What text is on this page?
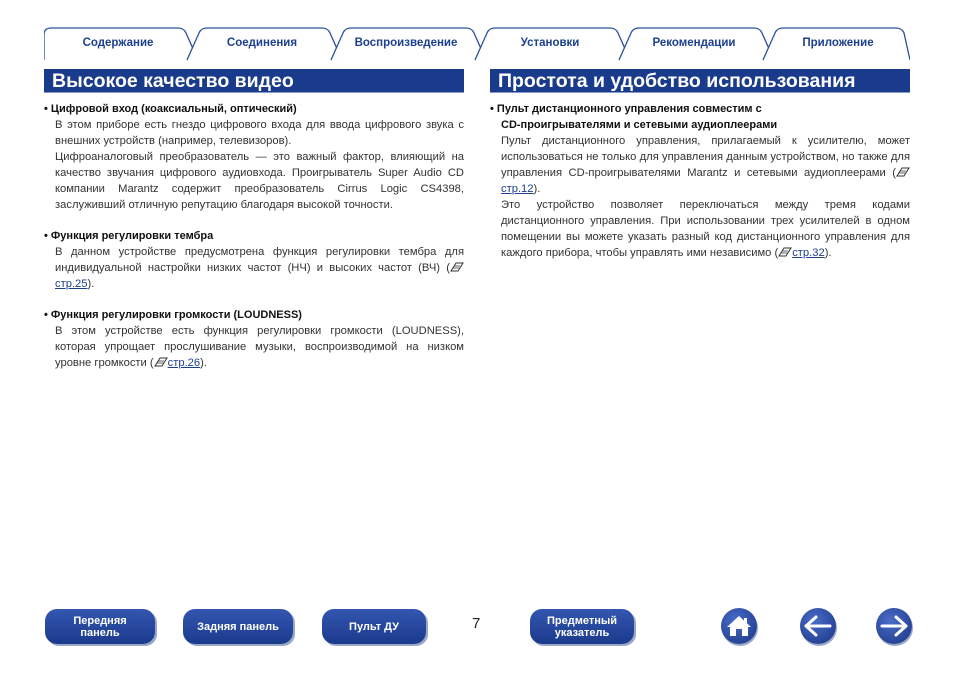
Содержание	Соединения	Воспроизведение	Установки	Рекомендации	Приложение
Высокое качество видео	Простота и удобство использования
• Цифровой вход (коаксиальный, оптический)
В этом приборе есть гнездо цифрового входа для ввода цифрового звука с внешних устройств (например, телевизоров).
Цифроаналоговый преобразователь — это важный фактор, влияющий на качество звучания цифрового аудиовхода. Проигрыватель Super Audio CD компании Marantz содержит преобразователь Cirrus Logic CS4398, заслуживший отличную репутацию благодаря высокой точности.
• Функция регулировки тембра
В данном устройстве предусмотрена функция регулировки тембра для индивидуальной настройки низких частот (НЧ) и высоких частот (ВЧ) (стр.25).
• Функция регулировки громкости (LOUDNESS)
В этом устройстве есть функция регулировки громкости (LOUDNESS), которая упрощает прослушивание музыки, воспроизводимой на низком уровне громкости ( стр.26).
• Пульт дистанционного управления совместим с
CD-проигрывателями и сетевыми аудиоплеерами
Пульт дистанционного управления, прилагаемый к усилителю, может использоваться не только для управления данным устройством, но также для управления CD-проигрывателями Marantz и сетевыми аудиоплеерами (стр.12).
Это устройство позволяет переключаться между тремя кодами дистанционного управления. При использовании трех усилителей в одном помещении вы можете указать разный код дистанционного управления для каждого прибора, чтобы управлять ими независимо ( стр.32).
Передняя
панель	Задняя панель	Пульт ДУ	7	Предметный
указатель
